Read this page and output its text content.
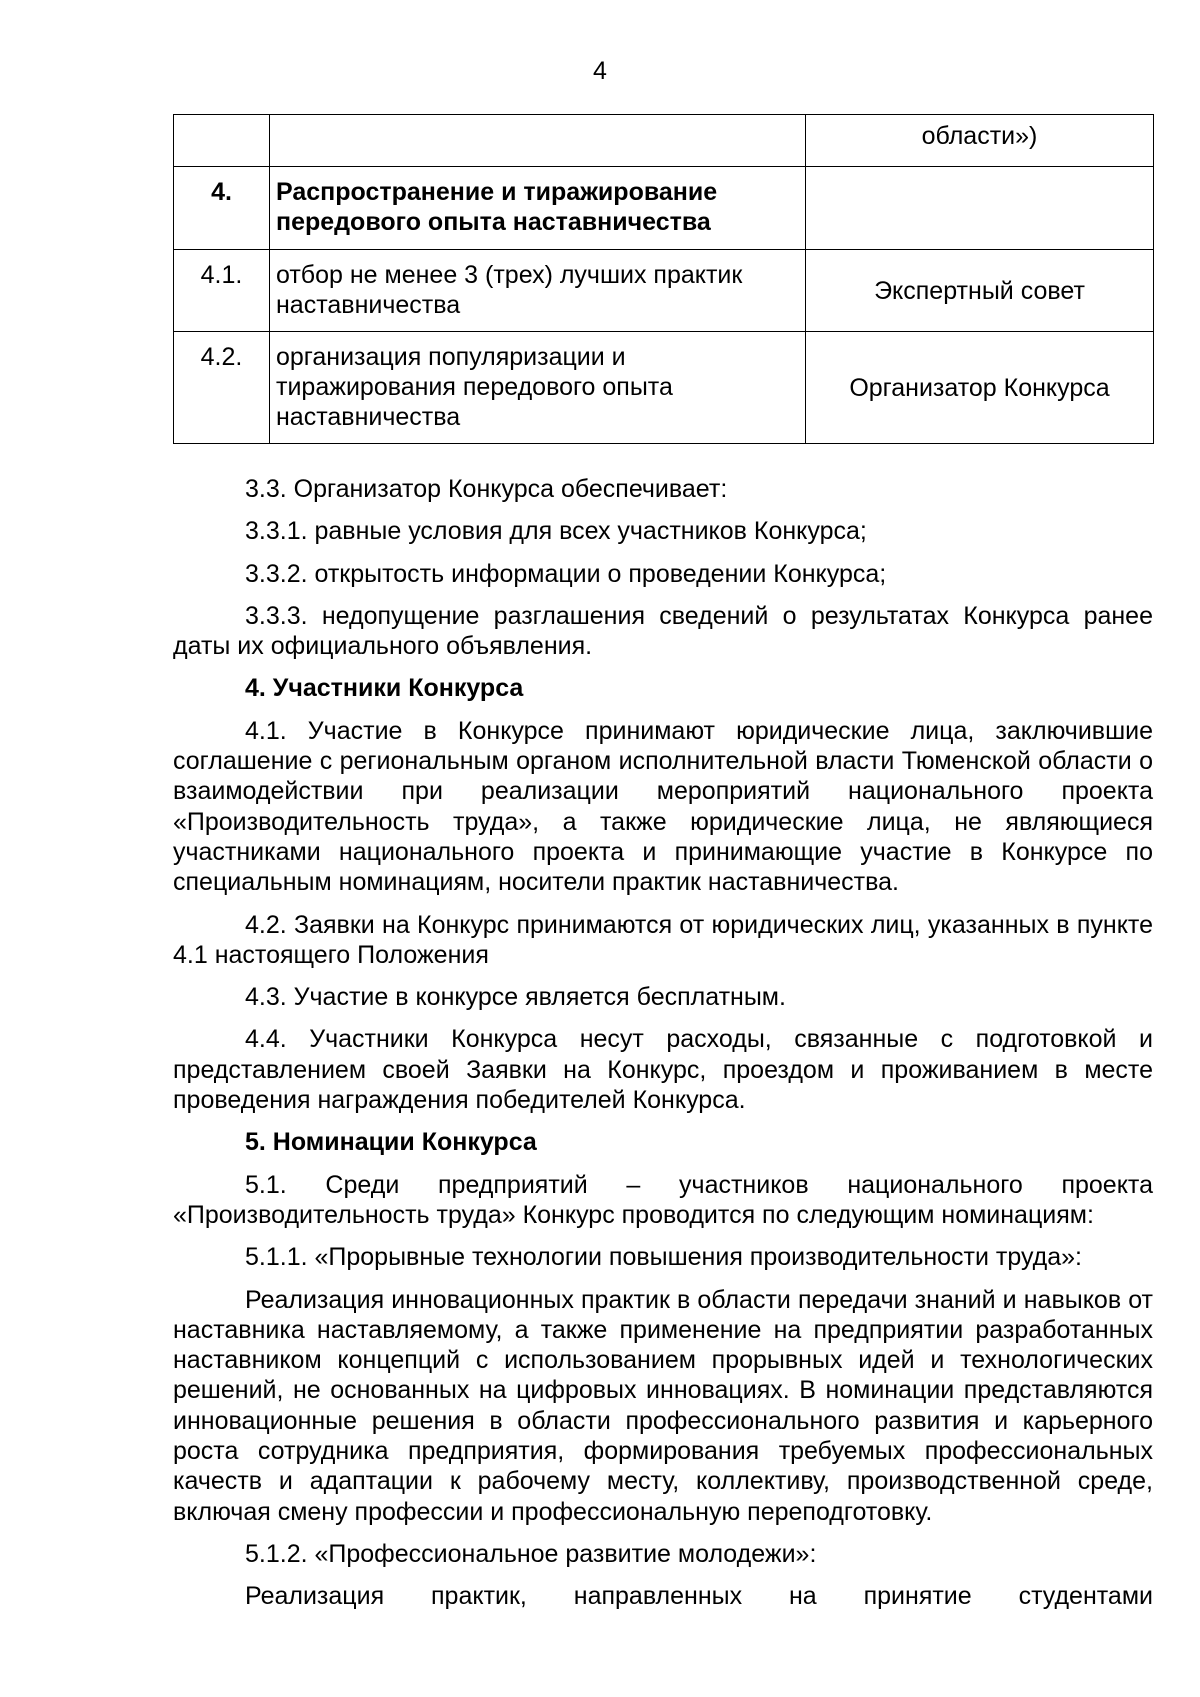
4
		области»)
4.	Распространение и тиражирование передового опыта наставничества	
4.1.	отбор не менее 3 (трех) лучших практик наставничества	Экспертный совет
4.2.	организация популяризации и тиражирования передового опыта наставничества	Организатор Конкурса

3.3. Организатор Конкурса обеспечивает:

3.3.1. равные условия для всех участников Конкурса;

3.3.2. открытость информации о проведении Конкурса;

3.3.3. недопущение разглашения сведений о результатах Конкурса ранее даты их официального объявления.

4. Участники Конкурса

4.1. Участие в Конкурсе принимают юридические лица, заключившие соглашение с региональным органом исполнительной власти Тюменской области о взаимодействии при реализации мероприятий национального проекта «Производительность труда», а также юридические лица, не являющиеся участниками национального проекта и принимающие участие в Конкурсе по специальным номинациям, носители практик наставничества.

4.2. Заявки на Конкурс принимаются от юридических лиц, указанных в пункте 4.1 настоящего Положения

4.3. Участие в конкурсе является бесплатным.

4.4. Участники Конкурса несут расходы, связанные с подготовкой и представлением своей Заявки на Конкурс, проездом и проживанием в месте проведения награждения победителей Конкурса.

5. Номинации Конкурса

5.1. Среди предприятий – участников национального проекта «Производительность труда» Конкурс проводится по следующим номинациям:

5.1.1. «Прорывные технологии повышения производительности труда»:

Реализация инновационных практик в области передачи знаний и навыков от наставника наставляемому, а также применение на предприятии разработанных наставником концепций с использованием прорывных идей и технологических решений, не основанных на цифровых инновациях. В номинации представляются инновационные решения в области профессионального развития и карьерного роста сотрудника предприятия, формирования требуемых профессиональных качеств и адаптации к рабочему месту, коллективу, производственной среде, включая смену профессии и профессиональную переподготовку.

5.1.2. «Профессиональное развитие молодежи»:

Реализация практик, направленных на принятие студентами
